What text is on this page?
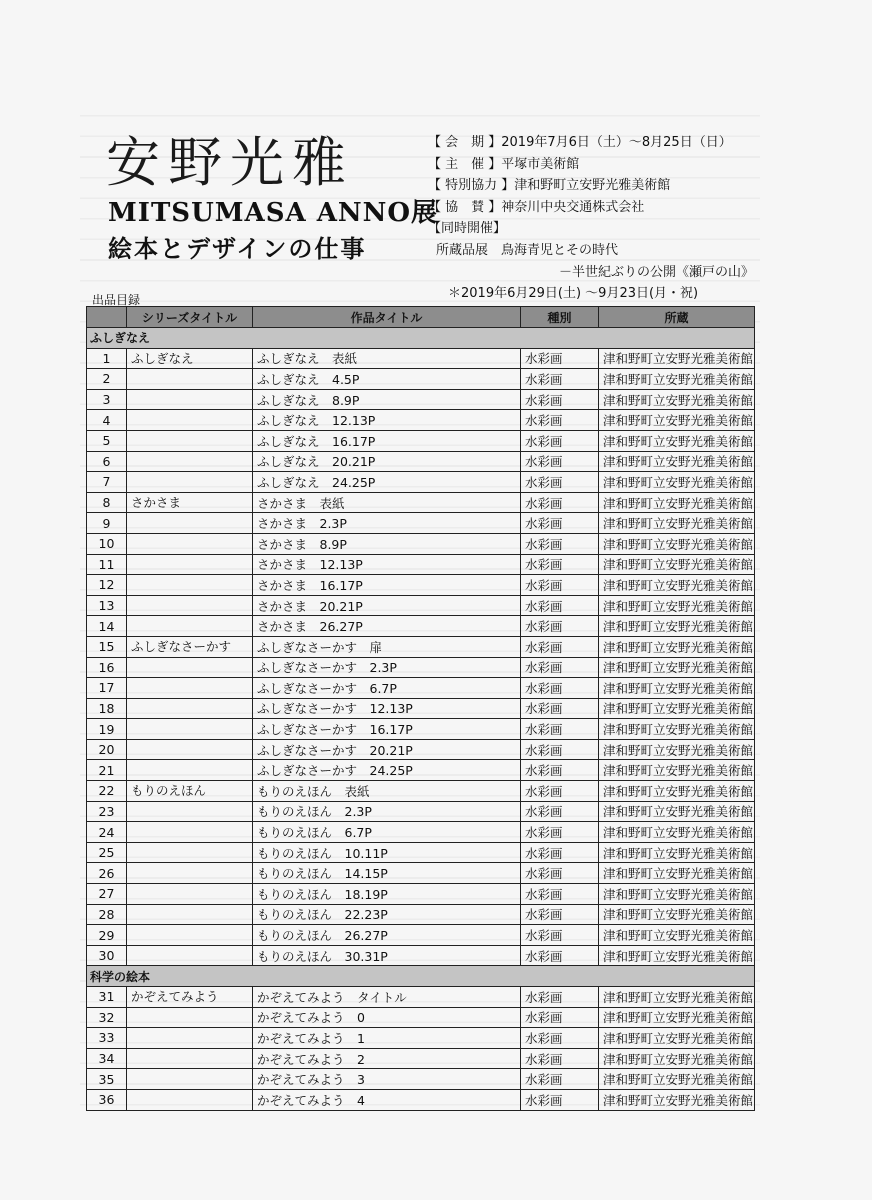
安野光雅
MITSUMASA ANNO展
絵本とデザインの仕事
【 会　期 】2019年7月6日（土）～8月25日（日）
【 主　催 】平塚市美術館
【 特別協力 】津和野町立安野光雅美術館
【 協　賛 】神奈川中央交通株式会社
【同時開催】
所蔵品展　鳥海青児とその時代
－半世紀ぶりの公開《瀬戸の山》
＊2019年6月29日(土) ～9月23日(月・祝)
出品目録
	シリーズタイトル	作品タイトル	種別	所蔵
ふしぎなえ				
1	ふしぎなえ	ふしぎなえ　表紙	水彩画	津和野町立安野光雅美術館
2		ふしぎなえ　4.5P	水彩画	津和野町立安野光雅美術館
3		ふしぎなえ　8.9P	水彩画	津和野町立安野光雅美術館
4		ふしぎなえ　12.13P	水彩画	津和野町立安野光雅美術館
5		ふしぎなえ　16.17P	水彩画	津和野町立安野光雅美術館
6		ふしぎなえ　20.21P	水彩画	津和野町立安野光雅美術館
7		ふしぎなえ　24.25P	水彩画	津和野町立安野光雅美術館
8	さかさま	さかさま　表紙	水彩画	津和野町立安野光雅美術館
9		さかさま　2.3P	水彩画	津和野町立安野光雅美術館
10		さかさま　8.9P	水彩画	津和野町立安野光雅美術館
11		さかさま　12.13P	水彩画	津和野町立安野光雅美術館
12		さかさま　16.17P	水彩画	津和野町立安野光雅美術館
13		さかさま　20.21P	水彩画	津和野町立安野光雅美術館
14		さかさま　26.27P	水彩画	津和野町立安野光雅美術館
15	ふしぎなさーかす	ふしぎなさーかす　扉	水彩画	津和野町立安野光雅美術館
16		ふしぎなさーかす　2.3P	水彩画	津和野町立安野光雅美術館
17		ふしぎなさーかす　6.7P	水彩画	津和野町立安野光雅美術館
18		ふしぎなさーかす　12.13P	水彩画	津和野町立安野光雅美術館
19		ふしぎなさーかす　16.17P	水彩画	津和野町立安野光雅美術館
20		ふしぎなさーかす　20.21P	水彩画	津和野町立安野光雅美術館
21		ふしぎなさーかす　24.25P	水彩画	津和野町立安野光雅美術館
22	もりのえほん	もりのえほん　表紙	水彩画	津和野町立安野光雅美術館
23		もりのえほん　2.3P	水彩画	津和野町立安野光雅美術館
24		もりのえほん　6.7P	水彩画	津和野町立安野光雅美術館
25		もりのえほん　10.11P	水彩画	津和野町立安野光雅美術館
26		もりのえほん　14.15P	水彩画	津和野町立安野光雅美術館
27		もりのえほん　18.19P	水彩画	津和野町立安野光雅美術館
28		もりのえほん　22.23P	水彩画	津和野町立安野光雅美術館
29		もりのえほん　26.27P	水彩画	津和野町立安野光雅美術館
30		もりのえほん　30.31P	水彩画	津和野町立安野光雅美術館
科学の絵本				
31	かぞえてみよう	かぞえてみよう　タイトル	水彩画	津和野町立安野光雅美術館
32		かぞえてみよう　0	水彩画	津和野町立安野光雅美術館
33		かぞえてみよう　1	水彩画	津和野町立安野光雅美術館
34		かぞえてみよう　2	水彩画	津和野町立安野光雅美術館
35		かぞえてみよう　3	水彩画	津和野町立安野光雅美術館
36		かぞえてみよう　4	水彩画	津和野町立安野光雅美術館
